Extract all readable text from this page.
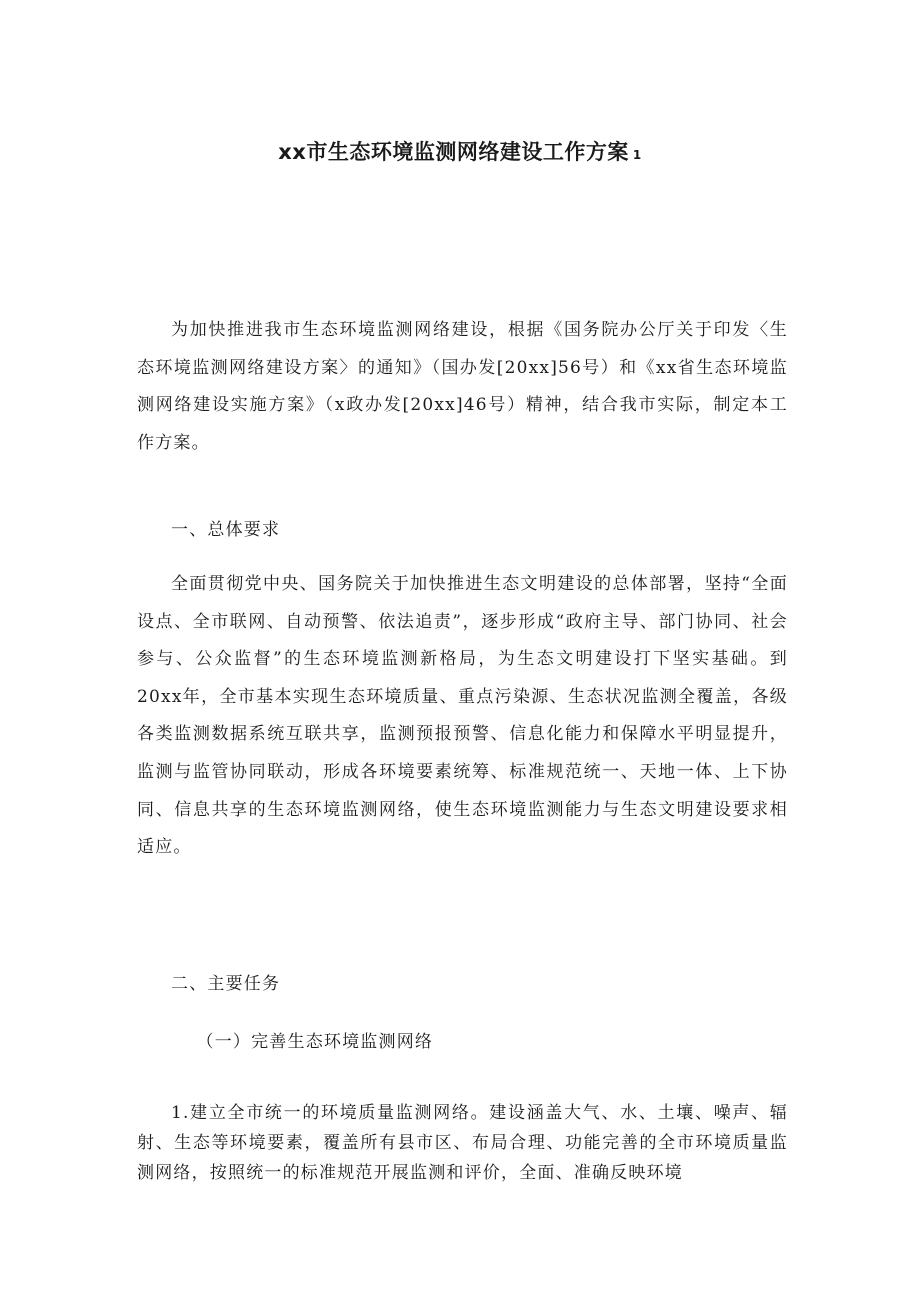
xx市生态环境监测网络建设工作方案 1

为加快推进我市生态环境监测网络建设，根据《国务院办公厅关于印发〈生态环境监测网络建设方案〉的通知》（国办发[20xx]56号）和《xx省生态环境监测网络建设实施方案》（x政办发[20xx]46号）精神，结合我市实际，制定本工作方案。

一、总体要求

全面贯彻党中央、国务院关于加快推进生态文明建设的总体部署，坚持“全面设点、全市联网、自动预警、依法追责”，逐步形成“政府主导、部门协同、社会参与、公众监督”的生态环境监测新格局，为生态文明建设打下坚实基础。到20xx年，全市基本实现生态环境质量、重点污染源、生态状况监测全覆盖，各级各类监测数据系统互联共享，监测预报预警、信息化能力和保障水平明显提升，监测与监管协同联动，形成各环境要素统筹、标准规范统一、天地一体、上下协同、信息共享的生态环境监测网络，使生态环境监测能力与生态文明建设要求相适应。

二、主要任务

（一）完善生态环境监测网络

1.建立全市统一的环境质量监测网络。建设涵盖大气、水、土壤、噪声、辐射、生态等环境要素，覆盖所有县市区、布局合理、功能完善的全市环境质量监测网络，按照统一的标准规范开展监测和评价，全面、准确反映环境
